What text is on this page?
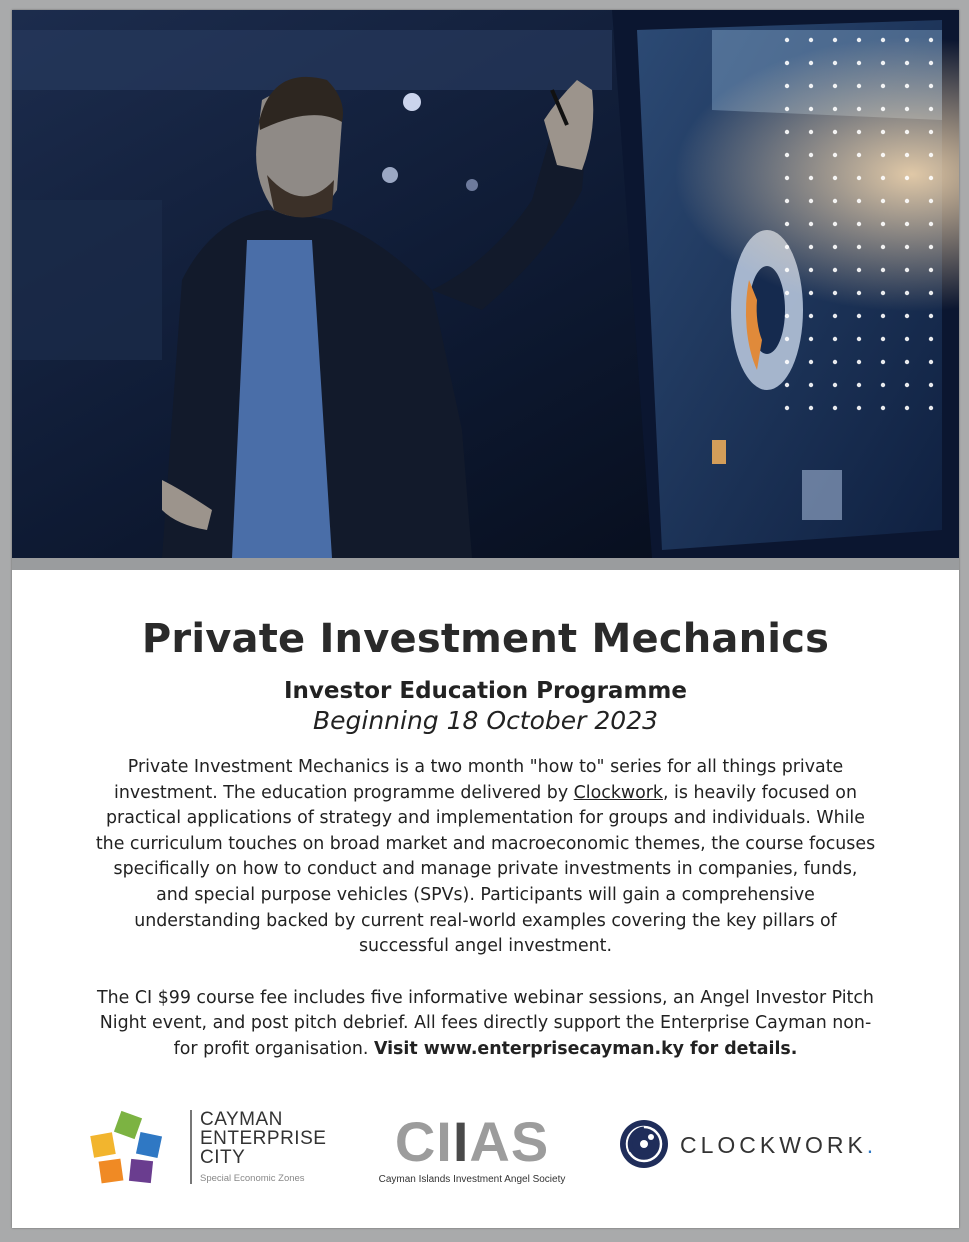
Private Investment Mechanics
Investor Education Programme
Beginning 18 October 2023
Private Investment Mechanics is a two month "how to" series for all things private investment. The education programme delivered by Clockwork, is heavily focused on practical applications of strategy and implementation for groups and individuals. While the curriculum touches on broad market and macroeconomic themes, the course focuses specifically on how to conduct and manage private investments in companies, funds, and special purpose vehicles (SPVs). Participants will gain a comprehensive understanding backed by current real-world examples covering the key pillars of successful angel investment.
The CI $99 course fee includes five informative webinar sessions, an Angel Investor Pitch Night event, and post pitch debrief. All fees directly support the Enterprise Cayman non-for profit organisation. Visit www.enterprisecayman.ky for details.
CAYMAN
ENTERPRISE
CITY
Special Economic Zones
CIIAS
Cayman Islands Investment Angel Society
CLOCKWORK.
